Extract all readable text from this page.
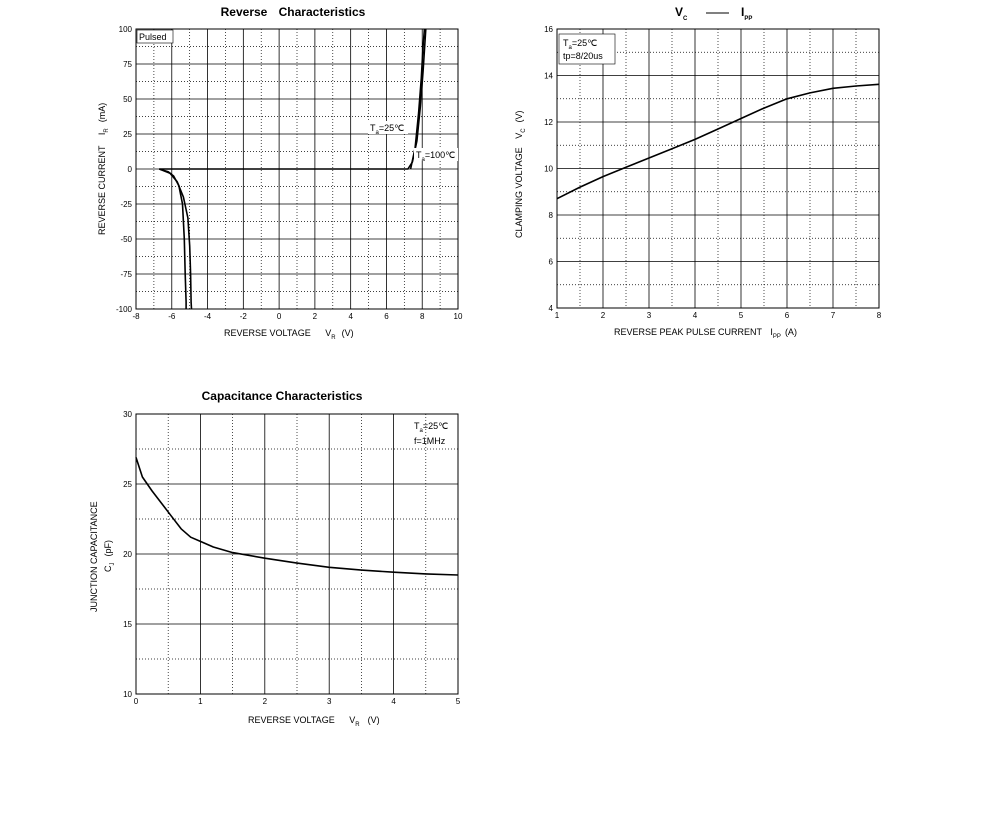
Reverse Characteristics
-8	-6	-4	-2	0	2	4	6	8	10
100
75
50
25
0
-25
-50
-75
-100
Pulsed
$T_a=25℃$
$T_a=100℃$
REVERSE VOLTAGE $V_R$ (V)
REVERSE CURRENT $I_R(mA)$
$V_C$	$I_{PP}$
1	2	3	4	5	6	7	8
16
14
12
10
8
6
4
$T_a=25℃$
tp=8/20us
REVERSE PEAK PULSE CURRENT $I_{PP}$ (A)
CLAMPING VOLTAGE $V_C(V)$
Capacitance Characteristics
0	1	2	3	4	5
30
25
20
15
10
$T_a=25℃$
f=1MHz
REVERSE VOLTAGE $V_R$ (V)
JUNCTION CAPACITANCE $C_J(pF)$
